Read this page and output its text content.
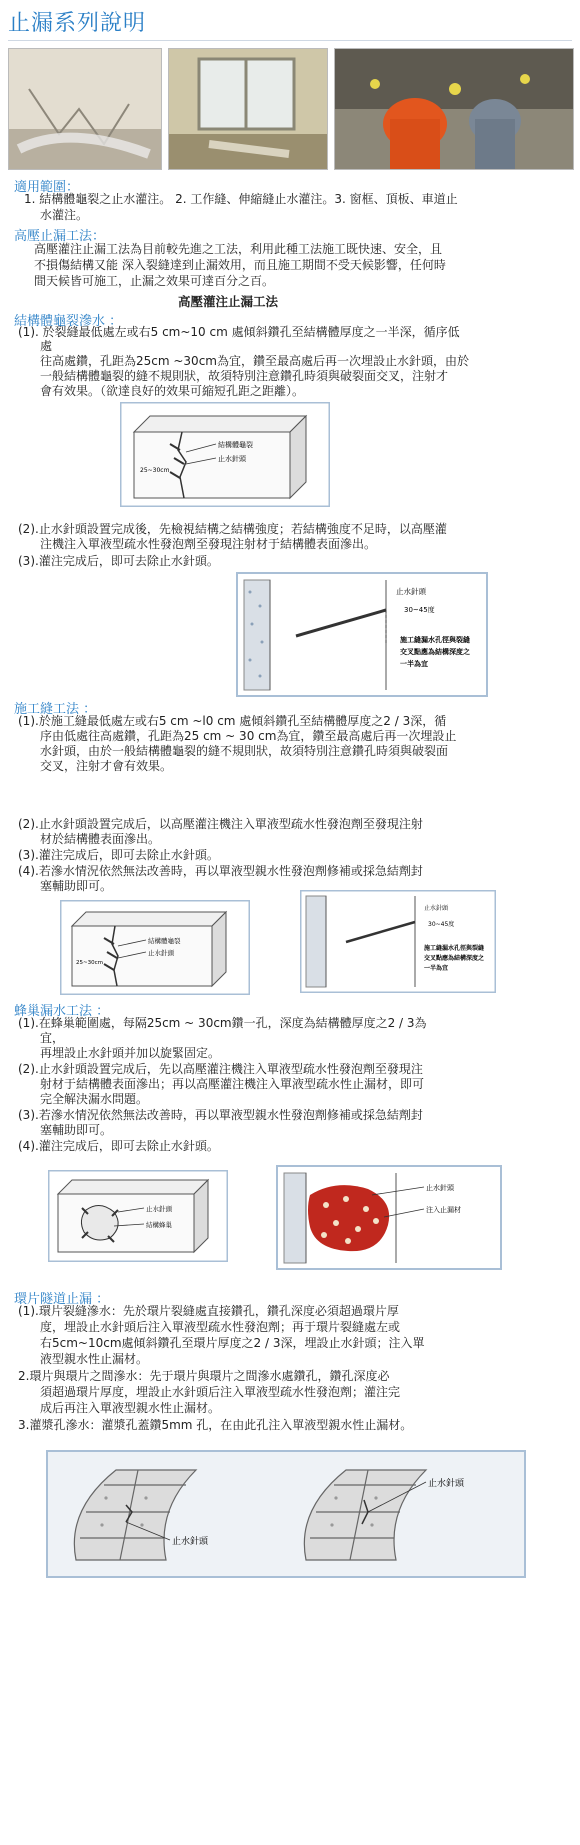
止漏系列說明
適用範圍：
1. 結構體龜裂之止水灌注。 2. 工作縫、伸縮縫止水灌注。3. 窗框、頂板、車道止
水灌注。
高壓止漏工法：
高壓灌注止漏工法為目前較先進之工法，利用此種工法施工既快速、安全，且
不損傷結構又能 深入裂縫達到止漏效用，而且施工期間不受天候影響，任何時
間天候皆可施工，止漏之效果可達百分之百。
高壓灌注止漏工法
結構體龜裂滲水 ：
(1). 於裂縫最低處左或右5 cm~10 cm 處傾斜鑽孔至結構體厚度之一半深，循序低
處
往高處鑽，孔距為25cm ~30cm為宜，鑽至最高處后再一次埋設止水針頭，由於
一般結構體龜裂的縫不規則狀，故須特別注意鑽孔時須與破裂面交叉，注射才
會有效果。（欲達良好的效果可縮短孔距之距離）。
結構體龜裂
止水針頭
25~30cm
(2).止水針頭設置完成後，先檢視結構之結構強度；若結構強度不足時，以高壓灌
注機注入單液型疏水性發泡劑至發現注射材于結構體表面滲出。
(3).灌注完成后，即可去除止水針頭。
止水針頭
30~45度
施工縫漏水孔徑與裂縫
交叉點應為結構深度之
一半為宜
施工縫工法 ：
(1).於施工縫最低處左或右5 cm ~l0 cm 處傾斜鑽孔至結構體厚度之2 / 3深，循
序由低處往高處鑽，孔距為25 cm ~ 30 cm為宜，鑽至最高處后再一次埋設止
水針頭，由於一般結構體龜裂的縫不規則狀，故須特別注意鑽孔時須與破裂面
交叉，注射才會有效果。
(2).止水針頭設置完成后，以高壓灌注機注入單液型疏水性發泡劑至發現注射
材於結構體表面滲出。
(3).灌注完成后，即可去除止水針頭。
(4).若滲水情況依然無法改善時，再以單液型親水性發泡劑修補或採急結劑封
塞輔助即可。
結構體龜裂
止水針頭
25~30cm
止水針頭
30~45度
施工縫漏水孔徑與裂縫
交叉點應為結構深度之
一半為宜
蜂巢漏水工法 ：
(1).在蜂巢範圍處，每隔25cm ~ 30cm鑽一孔，深度為結構體厚度之2 / 3為
宜，
再埋設止水針頭并加以旋緊固定。
(2).止水針頭設置完成后，先以高壓灌注機注入單液型疏水性發泡劑至發現注
射材于結構體表面滲出；再以高壓灌注機注入單液型疏水性止漏材，即可
完全解決漏水問題。
(3).若滲水情況依然無法改善時，再以單液型親水性發泡劑修補或採急結劑封
塞輔助即可。
(4).灌注完成后，即可去除止水針頭。
止水針頭
結構蜂巢
止水針頭
注入止漏材
環片隧道止漏 ：
(1).環片裂縫滲水：先於環片裂縫處直接鑽孔，鑽孔深度必須超過環片厚
度，埋設止水針頭后注入單液型疏水性發泡劑；再于環片裂縫處左或
右5cm~10cm處傾斜鑽孔至環片厚度之2 / 3深，埋設止水針頭；注入單
液型親水性止漏材。
2.環片與環片之間滲水：先于環片與環片之間滲水處鑽孔，鑽孔深度必
須超過環片厚度，埋設止水針頭后注入單液型疏水性發泡劑；灌注完
成后再注入單液型親水性止漏材。
3.灌漿孔滲水：灌漿孔蓋鑽5mm 孔，在由此孔注入單液型親水性止漏材。
止水針頭
止水針頭
